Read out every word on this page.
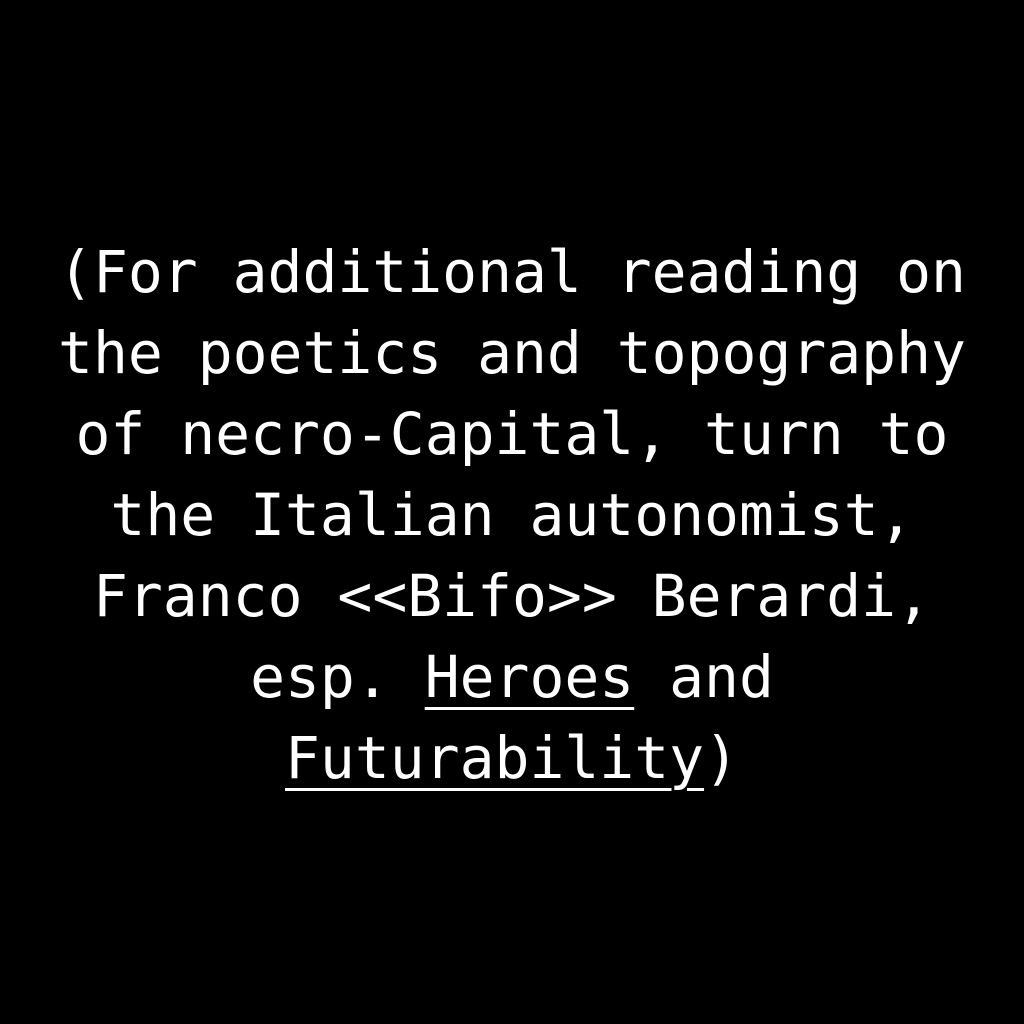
(For additional reading on
the poetics and topography
of necro-Capital, turn to
the Italian autonomist,
Franco <<Bifo>> Berardi,
esp. Heroes and
Futurability)
